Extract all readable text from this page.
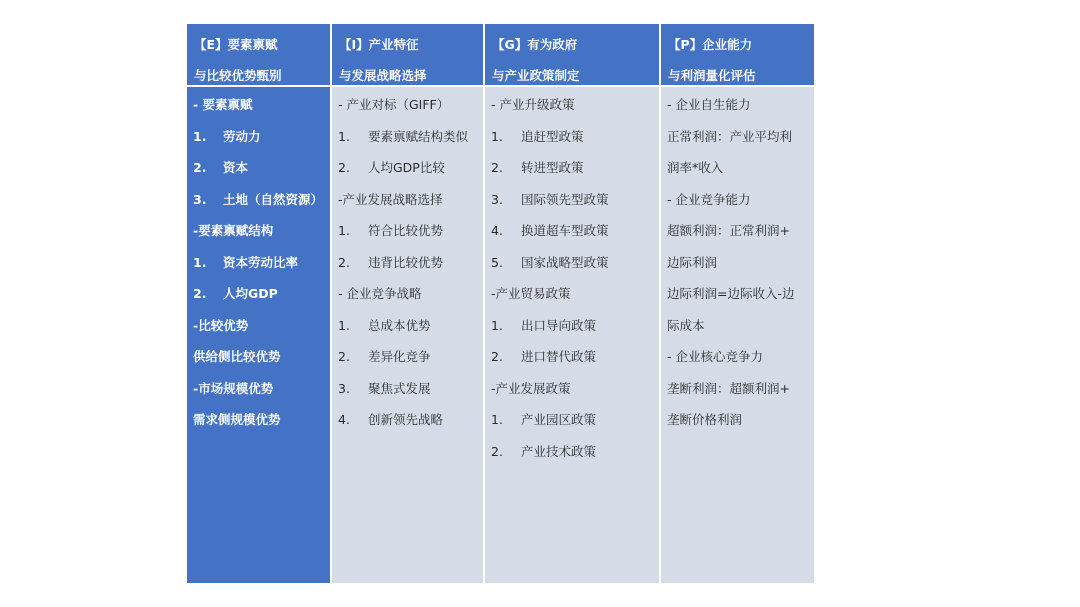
【E】要素禀赋
与比较优势甄别
- 要素禀赋
1. 劳动力
2. 资本
3. 土地（自然资源）
-要素禀赋结构
1. 资本劳动比率
2. 人均GDP
-比较优势
供给侧比较优势
-市场规模优势
需求侧规模优势
【I】产业特征
与发展战略选择
- 产业对标（GIFF）
1. 要素禀赋结构类似
2. 人均GDP比较
-产业发展战略选择
1. 符合比较优势
2. 违背比较优势
- 企业竞争战略
1. 总成本优势
2. 差异化竞争
3. 聚焦式发展
4. 创新领先战略
【G】有为政府
与产业政策制定
- 产业升级政策
1. 追赶型政策
2. 转进型政策
3. 国际领先型政策
4. 换道超车型政策
5. 国家战略型政策
-产业贸易政策
1. 出口导向政策
2. 进口替代政策
-产业发展政策
1. 产业园区政策
2. 产业技术政策
【P】企业能力
与利润量化评估
- 企业自生能力
正常利润：产业平均利
润率*收入
- 企业竞争能力
超额利润：正常利润+
边际利润
边际利润=边际收入-边
际成本
- 企业核心竞争力
垄断利润：超额利润+
垄断价格利润
